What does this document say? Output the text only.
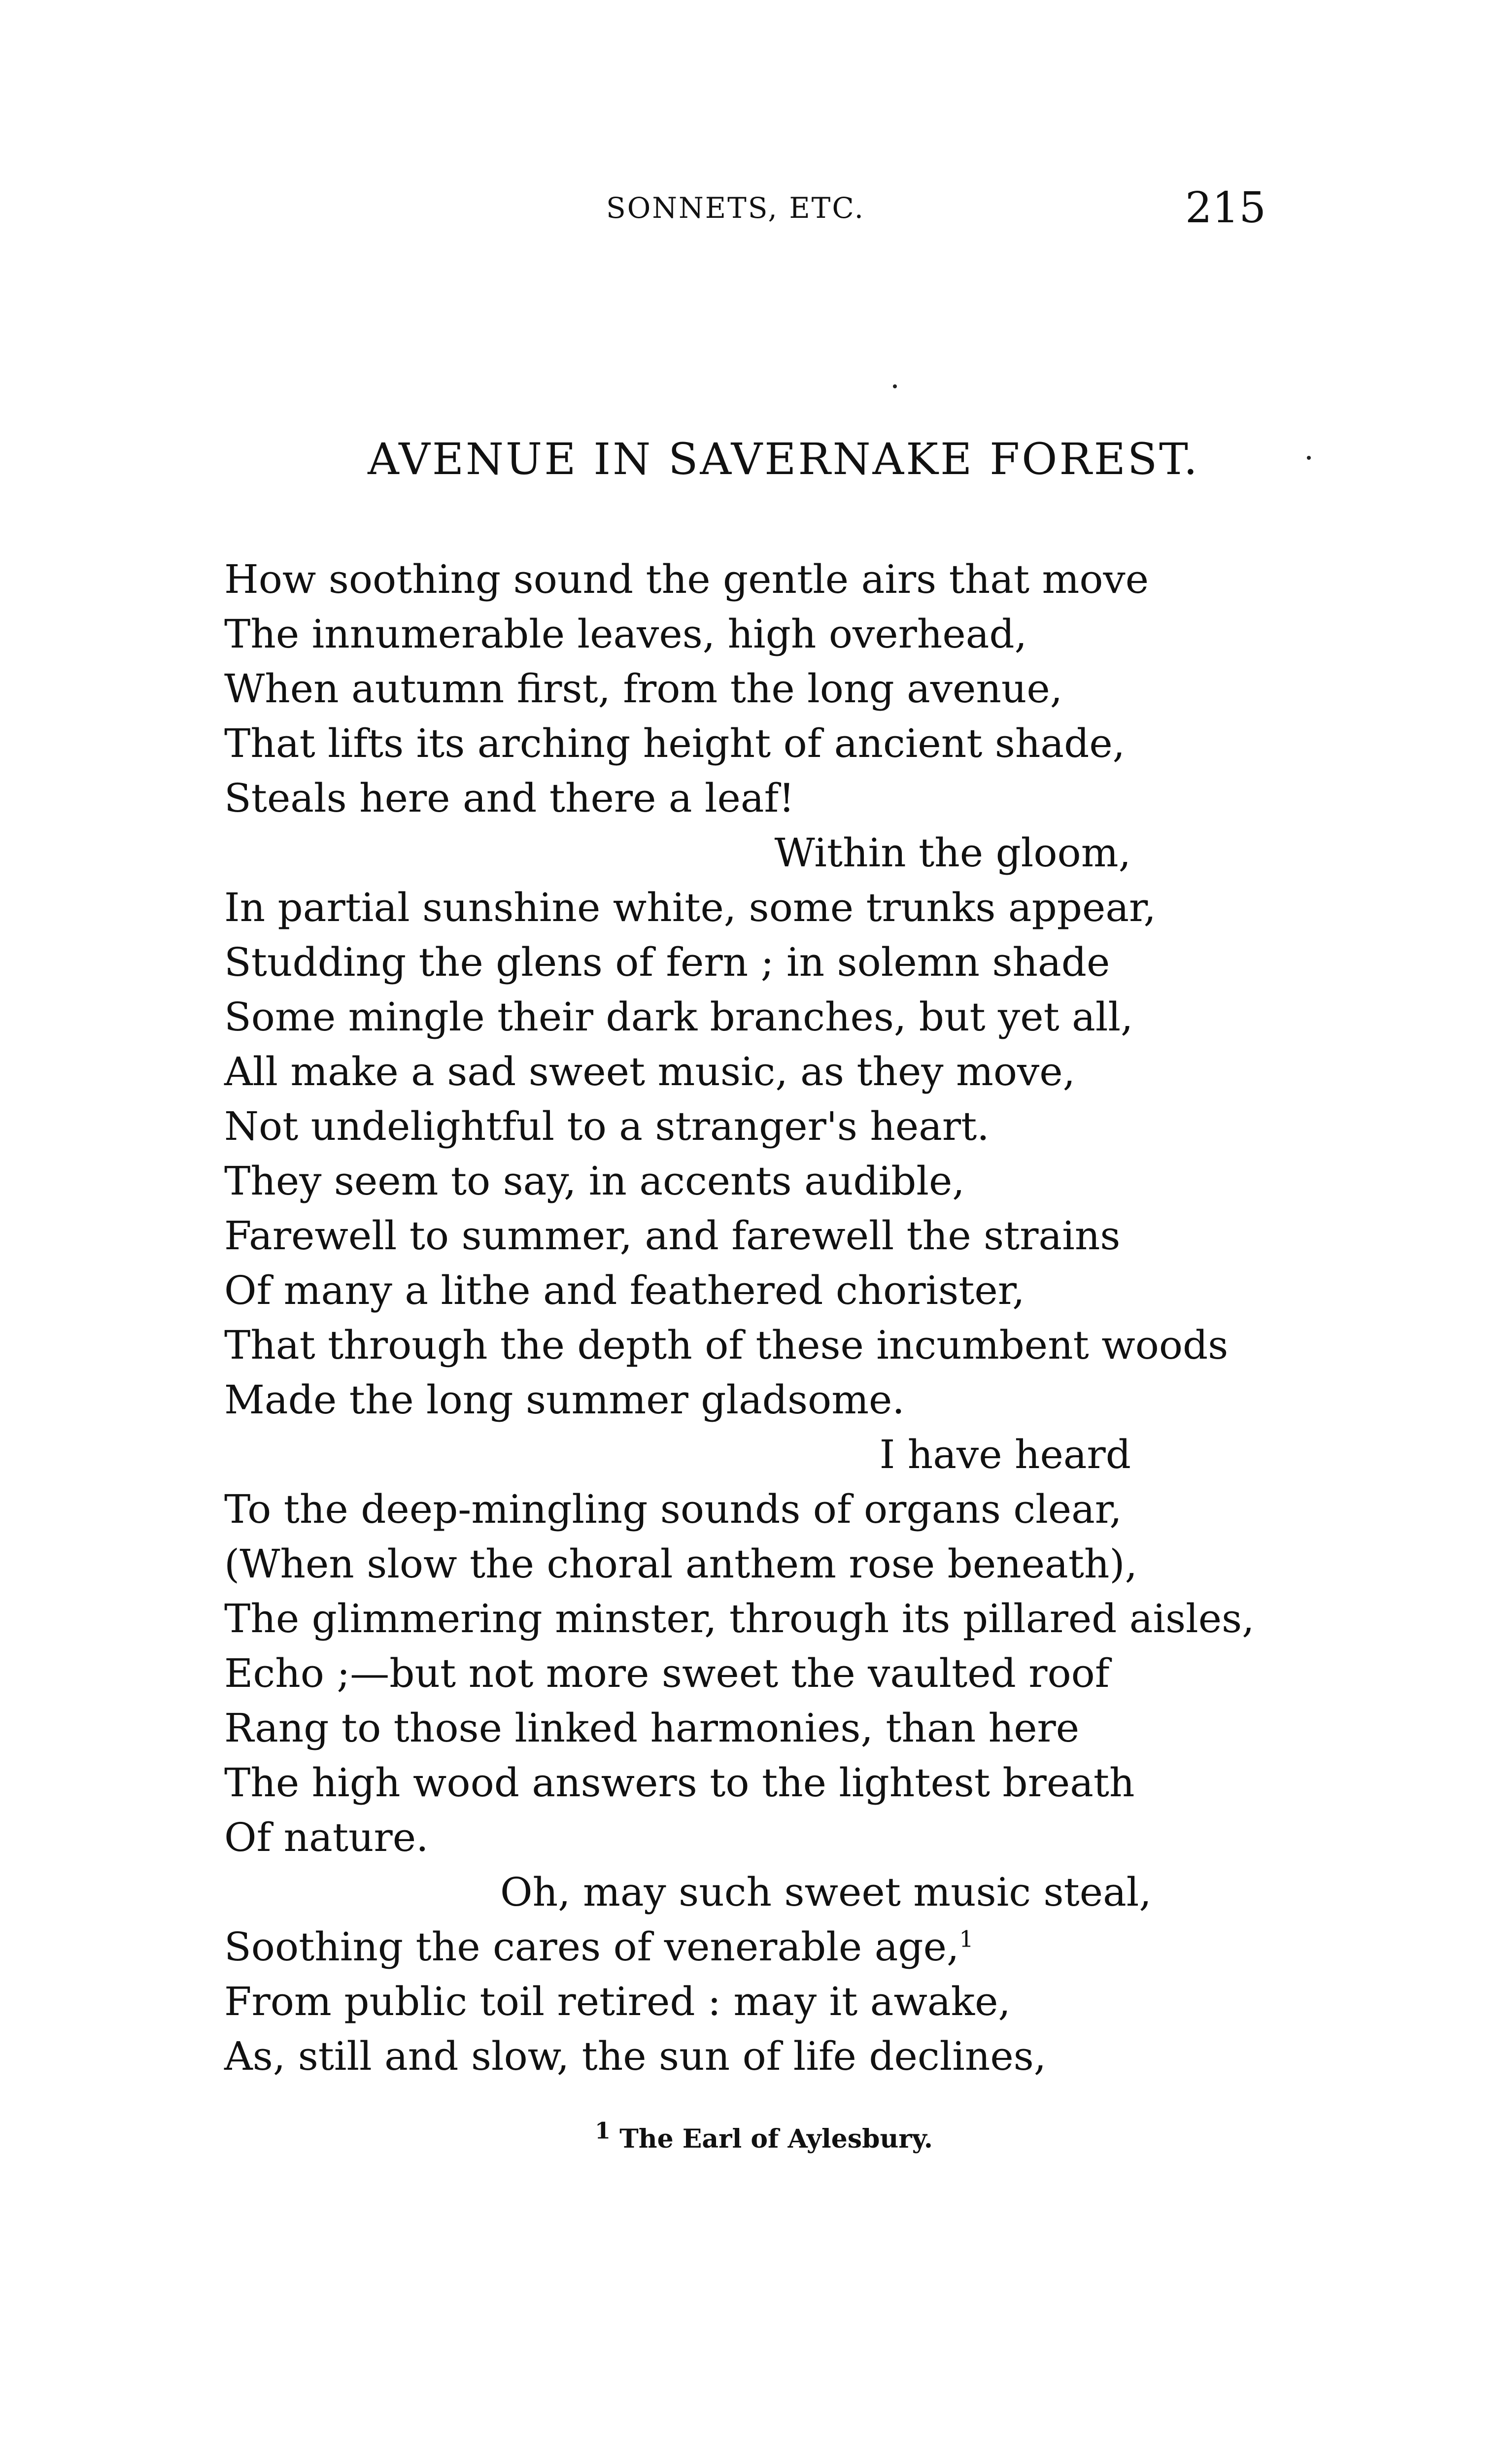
SONNETS, ETC.	215
AVENUE IN SAVERNAKE FOREST.
How soothing sound the gentle airs that move
The innumerable leaves, high overhead,
When autumn first, from the long avenue,
That lifts its arching height of ancient shade,
Steals here and there a leaf!
Within the gloom,
In partial sunshine white, some trunks appear,
Studding the glens of fern ; in solemn shade
Some mingle their dark branches, but yet all,
All make a sad sweet music, as they move,
Not undelightful to a stranger's heart.
They seem to say, in accents audible,
Farewell to summer, and farewell the strains
Of many a lithe and feathered chorister,
That through the depth of these incumbent woods
Made the long summer gladsome.
I have heard
To the deep-mingling sounds of organs clear,
(When slow the choral anthem rose beneath),
The glimmering minster, through its pillared aisles,
Echo ;—but not more sweet the vaulted roof
Rang to those linked harmonies, than here
The high wood answers to the lightest breath
Of nature.
Oh, may such sweet music steal,
Soothing the cares of venerable age,$^1$
From public toil retired : may it awake,
As, still and slow, the sun of life declines,
$^1$ The Earl of Aylesbury.
